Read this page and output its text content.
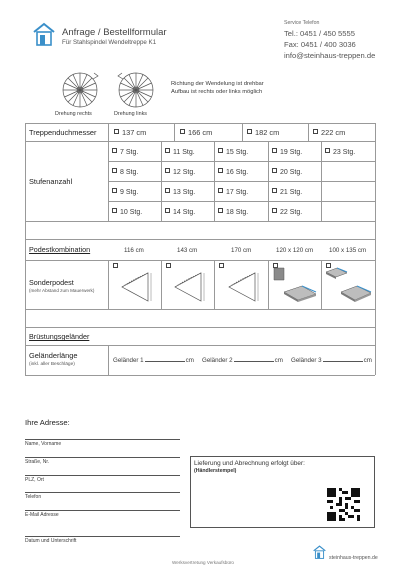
Anfrage / Bestellformular
Für Stahlspindel Wendeltreppe K1
Service Telefon
Tel.: 0451 / 450 5555
Fax: 0451 / 400 3036
info@steinhaus-treppen.de
Drehung rechts	Drehung links
Richtung der Wendelung ist drehbar
Aufbau ist rechts oder links möglich
Treppenduchmesser	137 cm	166 cm	182 cm	222 cm
Stufenanzahl
7 Stg.	11 Stg.	15 Stg.	19 Stg.	23 Stg.
8 Stg.	12 Stg.	16 Stg.	20 Stg.
9 Stg.	13 Stg.	17 Stg.	21 Stg.
10 Stg.	14 Stg.	18 Stg.	22 Stg.
Podestkombination	116 cm	143 cm	170 cm	120 x 120 cm	100 x 135 cm
Sonderpodest
(mehr Abstand zum Mauerwerk)
Brüstungsgeländer
Geländerlänge
(inkl. aller Beschläge)
Geländer 1	cm Geländer 2	cm Geländer 3	cm
Ihre Adresse:
Name, Vorname
Straße, Nr.
PLZ, Ort
Telefon
E-Mail Adresse
Datum und Unterschrift
Lieferung und Abrechnung erfolgt über:
(Händlerstempel)
Werksvertretung Verkaufsbüro
steinhaus-treppen.de
